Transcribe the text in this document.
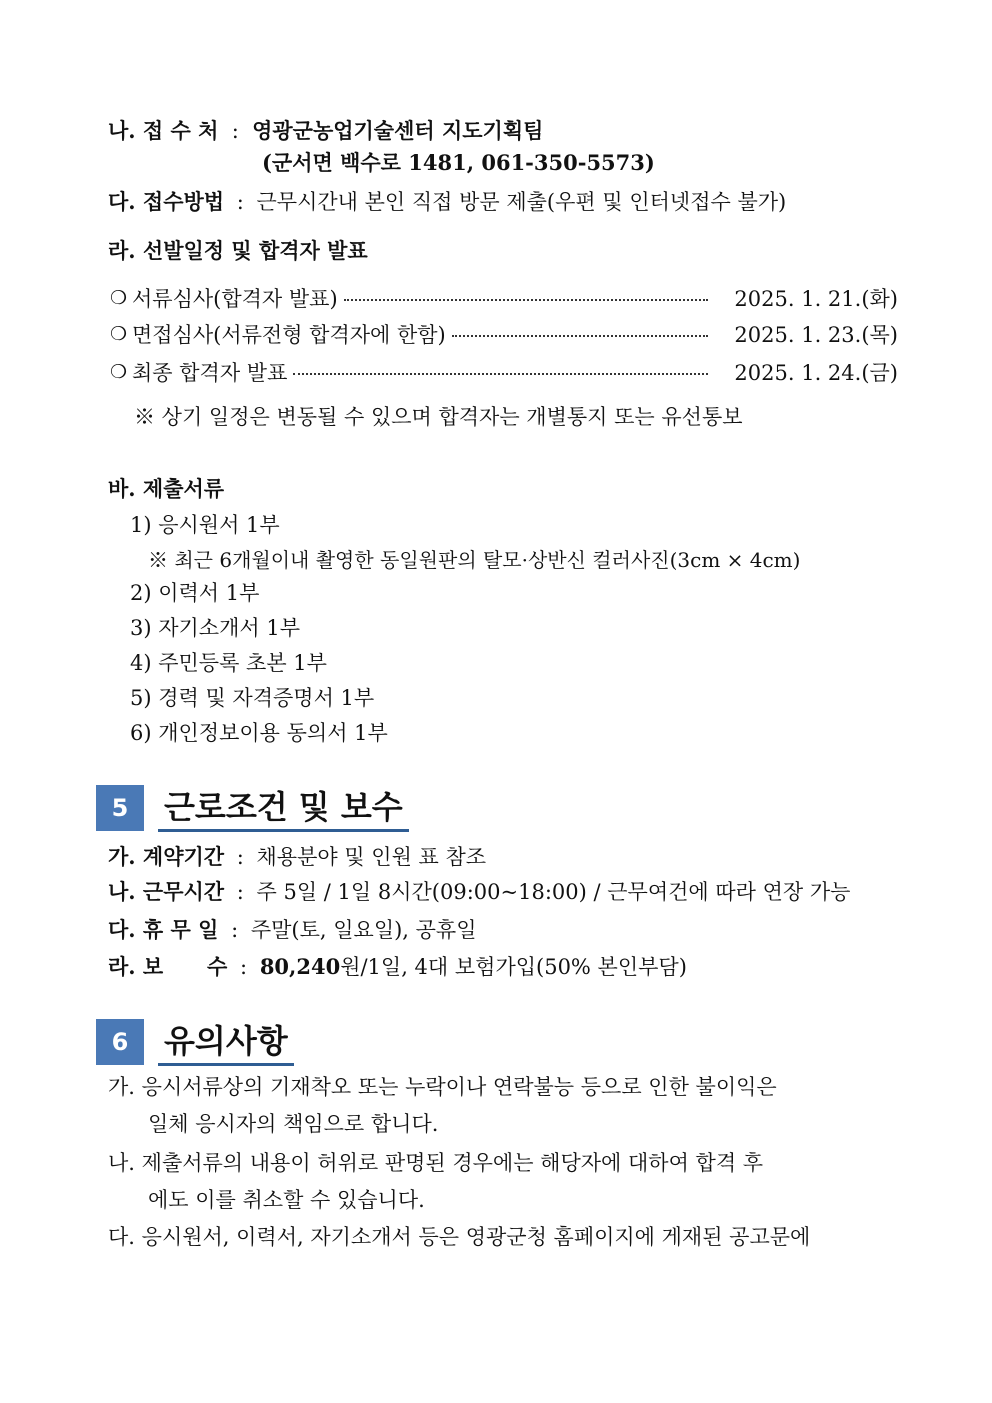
나. 접 수 처 : 영광군농업기술센터 지도기획팀
(군서면 백수로 1481, 061-350-5573)
다. 접수방법 : 근무시간내 본인 직접 방문 제출(우편 및 인터넷접수 불가)
라. 선발일정 및 합격자 발표
❍ 서류심사(합격자 발표)	2025. 1. 21.(화)
❍ 면접심사(서류전형 합격자에 한함)	2025. 1. 23.(목)
❍ 최종 합격자 발표	2025. 1. 24.(금)
※ 상기 일정은 변동될 수 있으며 합격자는 개별통지 또는 유선통보
바. 제출서류
1) 응시원서 1부
※ 최근 6개월이내 촬영한 동일원판의 탈모·상반신 컬러사진(3cm × 4cm)
2) 이력서 1부
3) 자기소개서 1부
4) 주민등록 초본 1부
5) 경력 및 자격증명서 1부
6) 개인정보이용 동의서 1부
5	근로조건 및 보수
가. 계약기간 : 채용분야 및 인원 표 참조
나. 근무시간 : 주 5일 / 1일 8시간(09:00~18:00) / 근무여건에 따라 연장 가능
다. 휴 무 일 : 주말(토, 일요일), 공휴일
라. 보      수 : 80,240원/1일, 4대 보험가입(50% 본인부담)
6	유의사항
가. 응시서류상의 기재착오 또는 누락이나 연락불능 등으로 인한 불이익은
일체 응시자의 책임으로 합니다.
나. 제출서류의 내용이 허위로 판명된 경우에는 해당자에 대하여 합격 후
에도 이를 취소할 수 있습니다.
다. 응시원서, 이력서, 자기소개서 등은 영광군청 홈페이지에 게재된 공고문에
